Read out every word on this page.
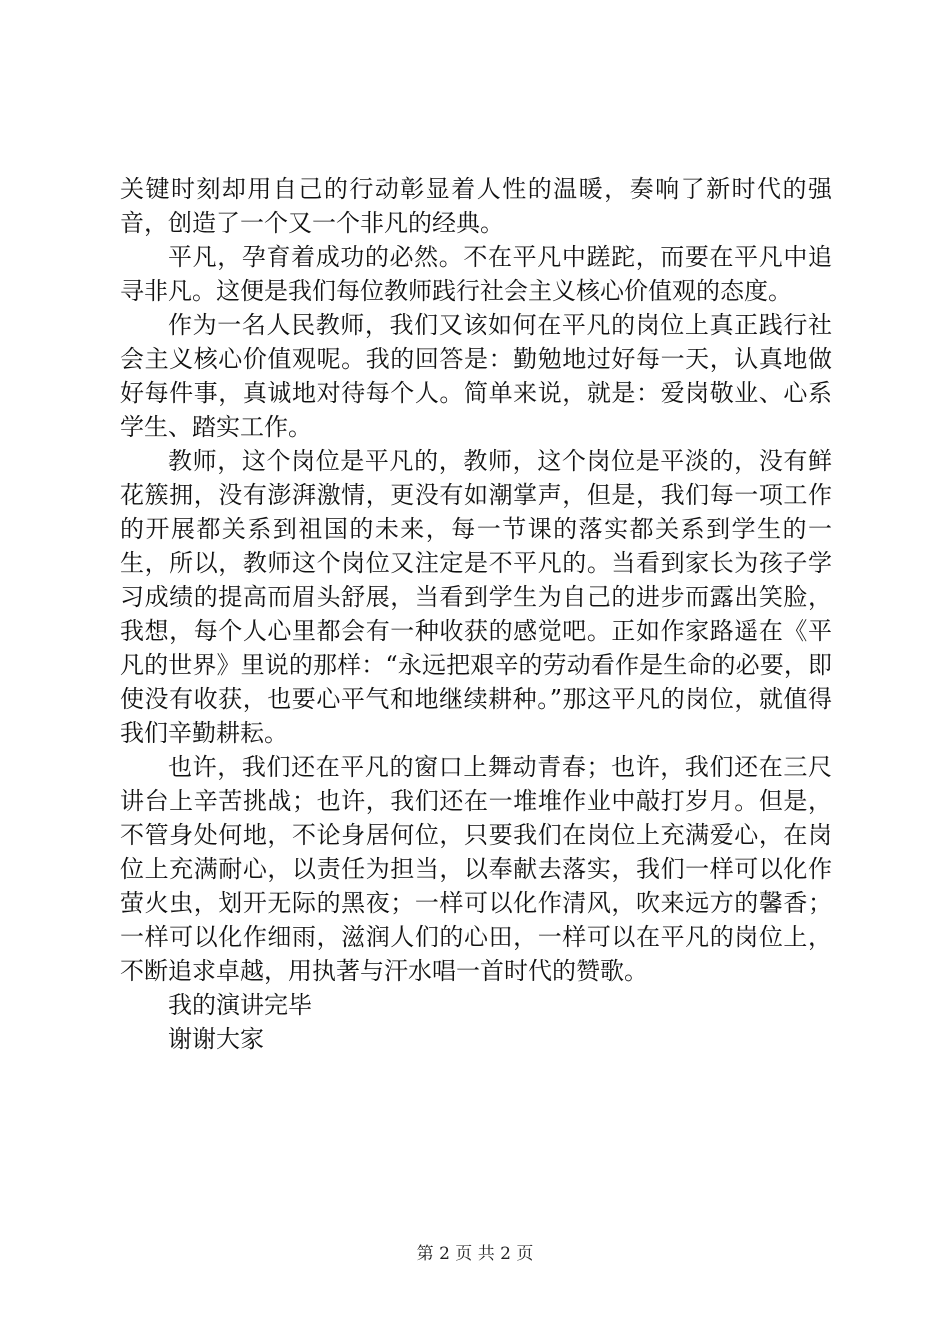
关键时刻却用自己的行动彰显着人性的温暖，奏响了新时代的强音，创造了一个又一个非凡的经典。

平凡，孕育着成功的必然。不在平凡中蹉跎，而要在平凡中追寻非凡。这便是我们每位教师践行社会主义核心价值观的态度。

作为一名人民教师，我们又该如何在平凡的岗位上真正践行社会主义核心价值观呢。我的回答是：勤勉地过好每一天，认真地做好每件事，真诚地对待每个人。简单来说，就是：爱岗敬业、心系学生、踏实工作。

教师，这个岗位是平凡的，教师，这个岗位是平淡的，没有鲜花簇拥，没有澎湃激情，更没有如潮掌声，但是，我们每一项工作的开展都关系到祖国的未来，每一节课的落实都关系到学生的一生，所以，教师这个岗位又注定是不平凡的。当看到家长为孩子学习成绩的提高而眉头舒展，当看到学生为自己的进步而露出笑脸，我想，每个人心里都会有一种收获的感觉吧。正如作家路遥在《平凡的世界》里说的那样：“永远把艰辛的劳动看作是生命的必要，即使没有收获，也要心平气和地继续耕种。”那这平凡的岗位，就值得我们辛勤耕耘。

也许，我们还在平凡的窗口上舞动青春；也许，我们还在三尺讲台上辛苦挑战；也许，我们还在一堆堆作业中敲打岁月。但是，不管身处何地，不论身居何位，只要我们在岗位上充满爱心，在岗位上充满耐心，以责任为担当，以奉献去落实，我们一样可以化作萤火虫，划开无际的黑夜；一样可以化作清风，吹来远方的馨香；一样可以化作细雨，滋润人们的心田，一样可以在平凡的岗位上，不断追求卓越，用执著与汗水唱一首时代的赞歌。

我的演讲完毕

谢谢大家

第 2 页 共 2 页
